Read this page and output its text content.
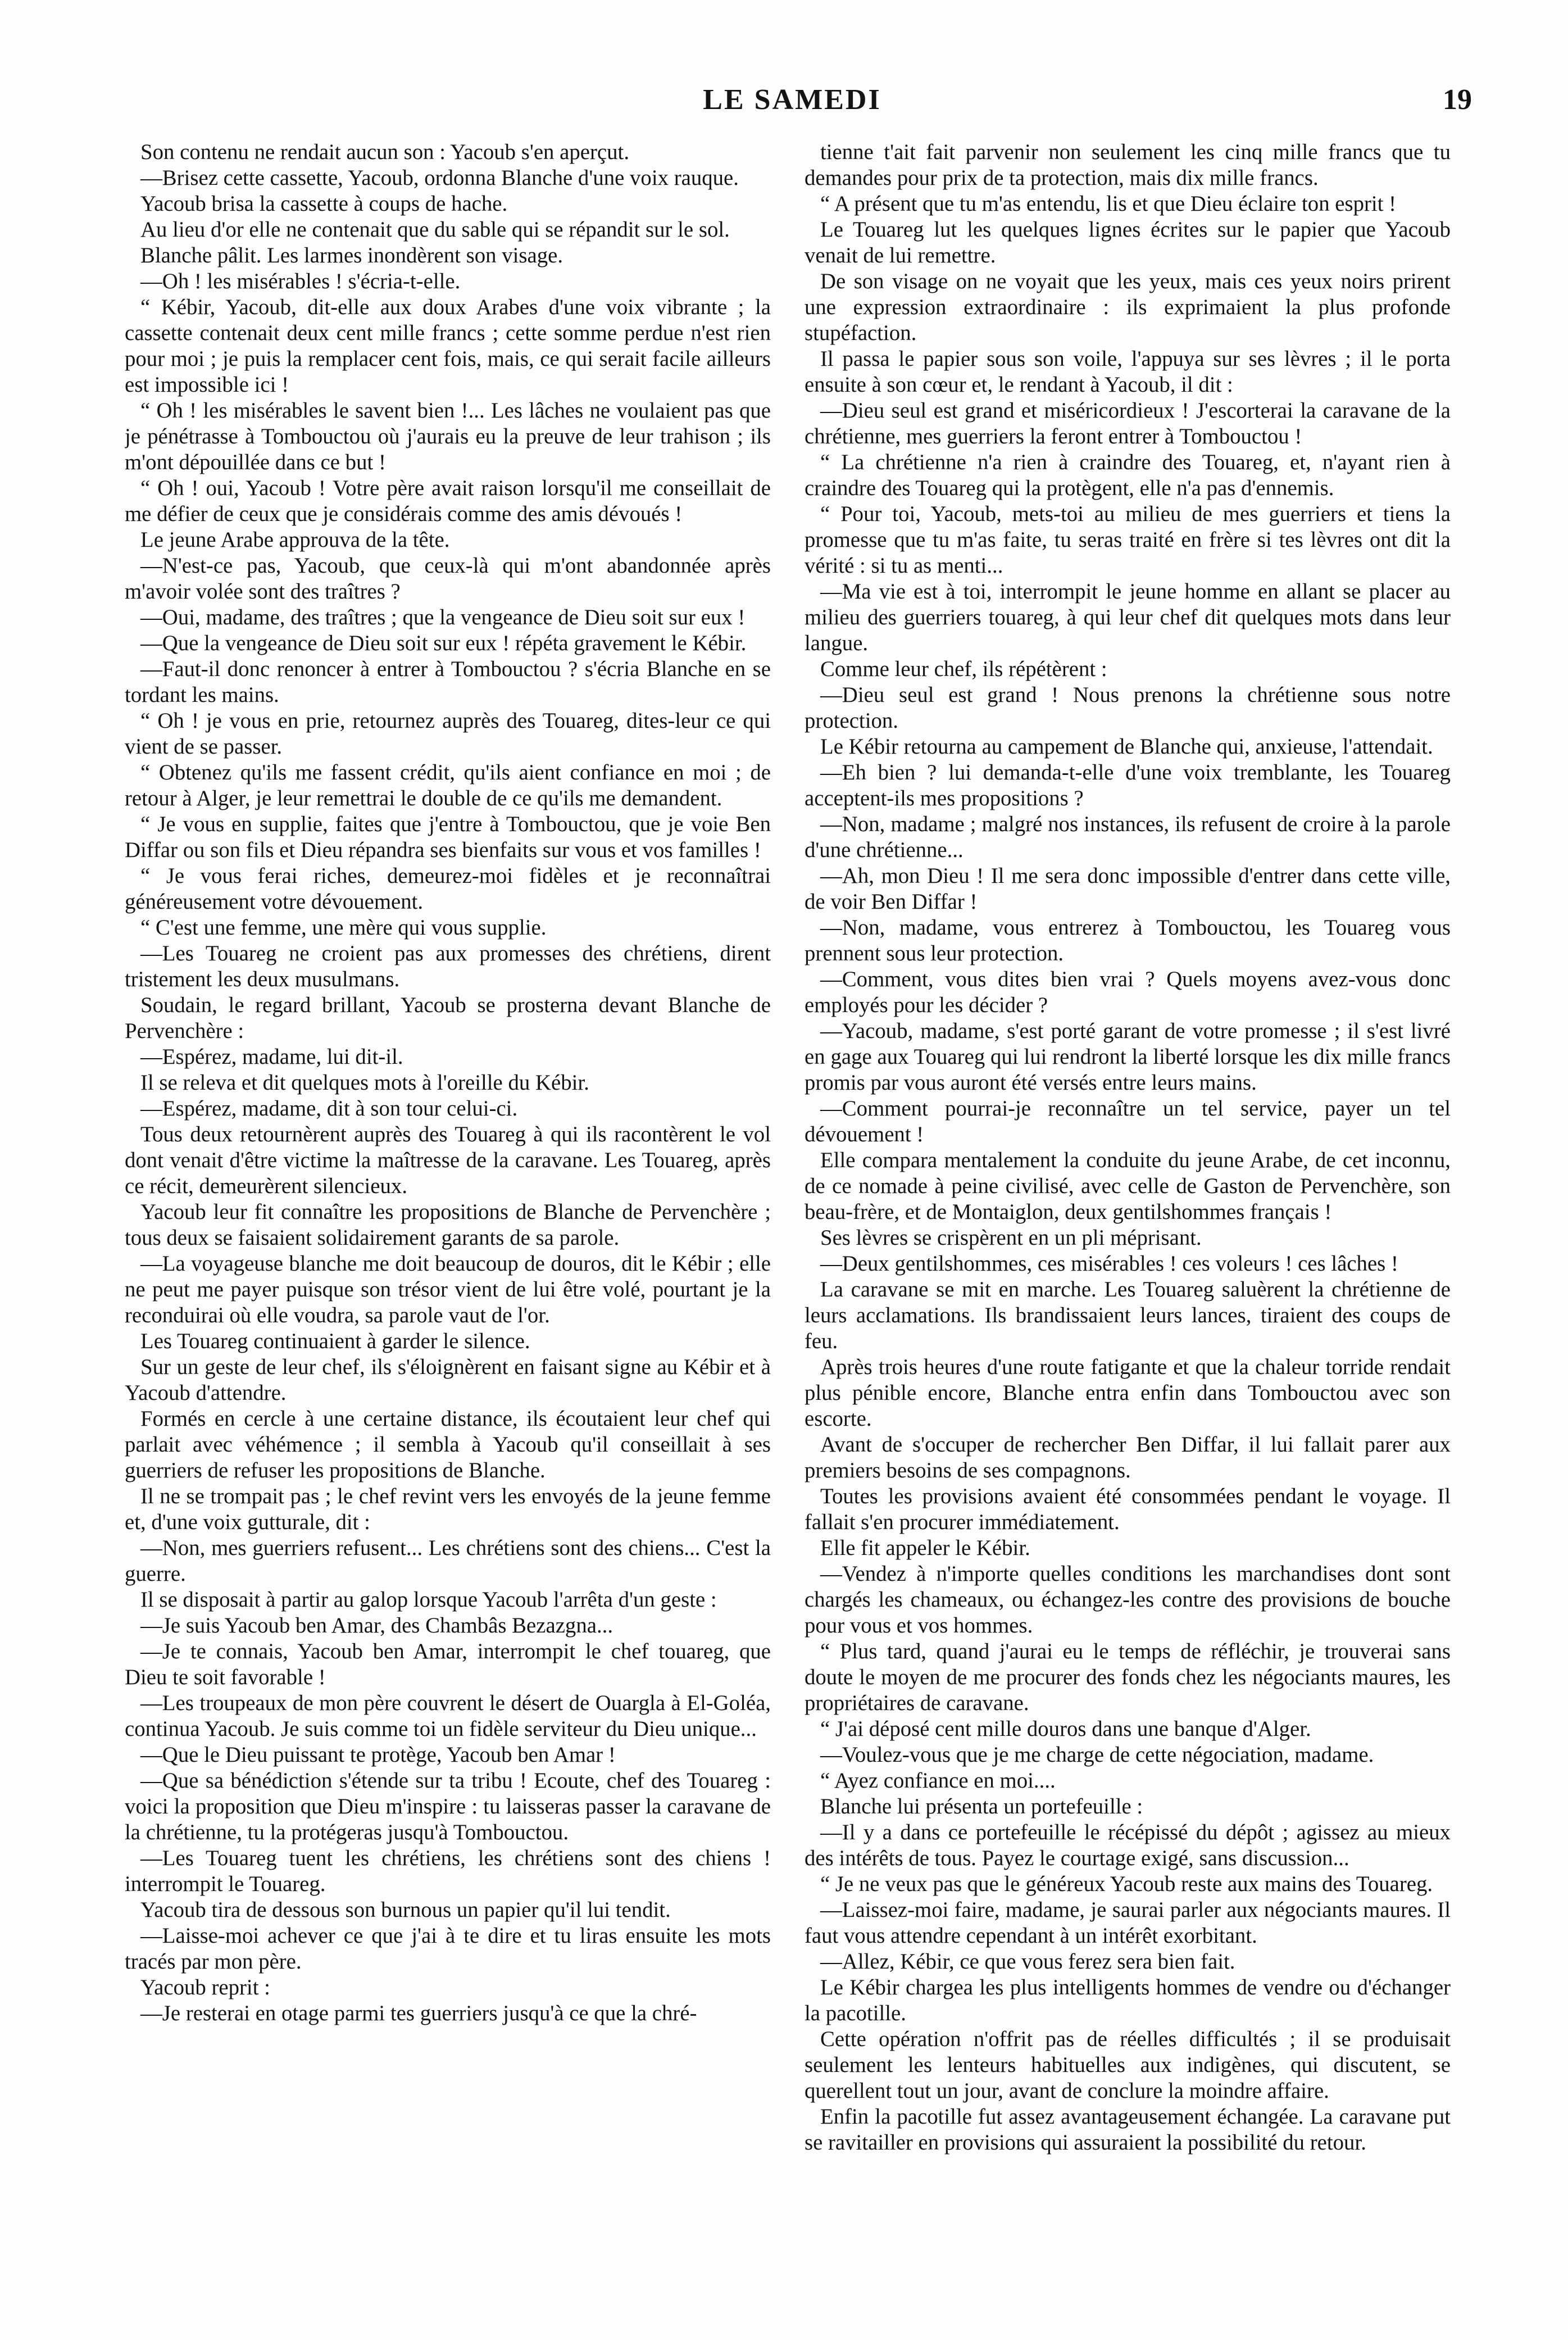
LE SAMEDI	19

Son contenu ne rendait aucun son : Yacoub s'en aperçut.

—Brisez cette cassette, Yacoub, ordonna Blanche d'une voix rauque.

Yacoub brisa la cassette à coups de hache.

Au lieu d'or elle ne contenait que du sable qui se répandit sur le sol.

Blanche pâlit. Les larmes inondèrent son visage.

—Oh ! les misérables ! s'écria-t-elle.

“ Kébir, Yacoub, dit-elle aux doux Arabes d'une voix vibrante ; la cassette contenait deux cent mille francs ; cette somme perdue n'est rien pour moi ; je puis la remplacer cent fois, mais, ce qui serait facile ailleurs est impossible ici !

“ Oh ! les misérables le savent bien !... Les lâches ne voulaient pas que je pénétrasse à Tombouctou où j'aurais eu la preuve de leur trahison ; ils m'ont dépouillée dans ce but !

“ Oh ! oui, Yacoub ! Votre père avait raison lorsqu'il me conseillait de me défier de ceux que je considérais comme des amis dévoués !

Le jeune Arabe approuva de la tête.

—N'est-ce pas, Yacoub, que ceux-là qui m'ont abandonnée après m'avoir volée sont des traîtres ?

—Oui, madame, des traîtres ; que la vengeance de Dieu soit sur eux !

—Que la vengeance de Dieu soit sur eux ! répéta gravement le Kébir.

—Faut-il donc renoncer à entrer à Tombouctou ? s'écria Blanche en se tordant les mains.

“ Oh ! je vous en prie, retournez auprès des Touareg, dites-leur ce qui vient de se passer.

“ Obtenez qu'ils me fassent crédit, qu'ils aient confiance en moi ; de retour à Alger, je leur remettrai le double de ce qu'ils me demandent.

“ Je vous en supplie, faites que j'entre à Tombouctou, que je voie Ben Diffar ou son fils et Dieu répandra ses bienfaits sur vous et vos familles !

“ Je vous ferai riches, demeurez-moi fidèles et je reconnaîtrai généreusement votre dévouement.

“ C'est une femme, une mère qui vous supplie.

—Les Touareg ne croient pas aux promesses des chrétiens, dirent tristement les deux musulmans.

Soudain, le regard brillant, Yacoub se prosterna devant Blanche de Pervenchère :

—Espérez, madame, lui dit-il.

Il se releva et dit quelques mots à l'oreille du Kébir.

—Espérez, madame, dit à son tour celui-ci.

Tous deux retournèrent auprès des Touareg à qui ils racontèrent le vol dont venait d'être victime la maîtresse de la caravane. Les Touareg, après ce récit, demeurèrent silencieux.

Yacoub leur fit connaître les propositions de Blanche de Pervenchère ; tous deux se faisaient solidairement garants de sa parole.

—La voyageuse blanche me doit beaucoup de douros, dit le Kébir ; elle ne peut me payer puisque son trésor vient de lui être volé, pourtant je la reconduirai où elle voudra, sa parole vaut de l'or.

Les Touareg continuaient à garder le silence.

Sur un geste de leur chef, ils s'éloignèrent en faisant signe au Kébir et à Yacoub d'attendre.

Formés en cercle à une certaine distance, ils écoutaient leur chef qui parlait avec véhémence ; il sembla à Yacoub qu'il conseillait à ses guerriers de refuser les propositions de Blanche.

Il ne se trompait pas ; le chef revint vers les envoyés de la jeune femme et, d'une voix gutturale, dit :

—Non, mes guerriers refusent... Les chrétiens sont des chiens... C'est la guerre.

Il se disposait à partir au galop lorsque Yacoub l'arrêta d'un geste :

—Je suis Yacoub ben Amar, des Chambâs Bezazgna...

—Je te connais, Yacoub ben Amar, interrompit le chef touareg, que Dieu te soit favorable !

—Les troupeaux de mon père couvrent le désert de Ouargla à El-Goléa, continua Yacoub. Je suis comme toi un fidèle serviteur du Dieu unique...

—Que le Dieu puissant te protège, Yacoub ben Amar !

—Que sa bénédiction s'étende sur ta tribu ! Ecoute, chef des Touareg : voici la proposition que Dieu m'inspire : tu laisseras passer la caravane de la chrétienne, tu la protégeras jusqu'à Tombouctou.

—Les Touareg tuent les chrétiens, les chrétiens sont des chiens ! interrompit le Touareg.

Yacoub tira de dessous son burnous un papier qu'il lui tendit.

—Laisse-moi achever ce que j'ai à te dire et tu liras ensuite les mots tracés par mon père.

Yacoub reprit :

—Je resterai en otage parmi tes guerriers jusqu'à ce que la chré-

tienne t'ait fait parvenir non seulement les cinq mille francs que tu demandes pour prix de ta protection, mais dix mille francs.

“ A présent que tu m'as entendu, lis et que Dieu éclaire ton esprit !

Le Touareg lut les quelques lignes écrites sur le papier que Yacoub venait de lui remettre.

De son visage on ne voyait que les yeux, mais ces yeux noirs prirent une expression extraordinaire : ils exprimaient la plus profonde stupéfaction.

Il passa le papier sous son voile, l'appuya sur ses lèvres ; il le porta ensuite à son cœur et, le rendant à Yacoub, il dit :

—Dieu seul est grand et miséricordieux ! J'escorterai la caravane de la chrétienne, mes guerriers la feront entrer à Tombouctou !

“ La chrétienne n'a rien à craindre des Touareg, et, n'ayant rien à craindre des Touareg qui la protègent, elle n'a pas d'ennemis.

“ Pour toi, Yacoub, mets-toi au milieu de mes guerriers et tiens la promesse que tu m'as faite, tu seras traité en frère si tes lèvres ont dit la vérité : si tu as menti...

—Ma vie est à toi, interrompit le jeune homme en allant se placer au milieu des guerriers touareg, à qui leur chef dit quelques mots dans leur langue.

Comme leur chef, ils répétèrent :

—Dieu seul est grand ! Nous prenons la chrétienne sous notre protection.

Le Kébir retourna au campement de Blanche qui, anxieuse, l'attendait.

—Eh bien ? lui demanda-t-elle d'une voix tremblante, les Touareg acceptent-ils mes propositions ?

—Non, madame ; malgré nos instances, ils refusent de croire à la parole d'une chrétienne...

—Ah, mon Dieu ! Il me sera donc impossible d'entrer dans cette ville, de voir Ben Diffar !

—Non, madame, vous entrerez à Tombouctou, les Touareg vous prennent sous leur protection.

—Comment, vous dites bien vrai ? Quels moyens avez-vous donc employés pour les décider ?

—Yacoub, madame, s'est porté garant de votre promesse ; il s'est livré en gage aux Touareg qui lui rendront la liberté lorsque les dix mille francs promis par vous auront été versés entre leurs mains.

—Comment pourrai-je reconnaître un tel service, payer un tel dévouement !

Elle compara mentalement la conduite du jeune Arabe, de cet inconnu, de ce nomade à peine civilisé, avec celle de Gaston de Pervenchère, son beau-frère, et de Montaiglon, deux gentilshommes français !

Ses lèvres se crispèrent en un pli méprisant.

—Deux gentilshommes, ces misérables ! ces voleurs ! ces lâches !

La caravane se mit en marche. Les Touareg saluèrent la chrétienne de leurs acclamations. Ils brandissaient leurs lances, tiraient des coups de feu.

Après trois heures d'une route fatigante et que la chaleur torride rendait plus pénible encore, Blanche entra enfin dans Tombouctou avec son escorte.

Avant de s'occuper de rechercher Ben Diffar, il lui fallait parer aux premiers besoins de ses compagnons.

Toutes les provisions avaient été consommées pendant le voyage. Il fallait s'en procurer immédiatement.

Elle fit appeler le Kébir.

—Vendez à n'importe quelles conditions les marchandises dont sont chargés les chameaux, ou échangez-les contre des provisions de bouche pour vous et vos hommes.

“ Plus tard, quand j'aurai eu le temps de réfléchir, je trouverai sans doute le moyen de me procurer des fonds chez les négociants maures, les propriétaires de caravane.

“ J'ai déposé cent mille douros dans une banque d'Alger.

—Voulez-vous que je me charge de cette négociation, madame.

“ Ayez confiance en moi....

Blanche lui présenta un portefeuille :

—Il y a dans ce portefeuille le récépissé du dépôt ; agissez au mieux des intérêts de tous. Payez le courtage exigé, sans discussion...

“ Je ne veux pas que le généreux Yacoub reste aux mains des Touareg.

—Laissez-moi faire, madame, je saurai parler aux négociants maures. Il faut vous attendre cependant à un intérêt exorbitant.

—Allez, Kébir, ce que vous ferez sera bien fait.

Le Kébir chargea les plus intelligents hommes de vendre ou d'échanger la pacotille.

Cette opération n'offrit pas de réelles difficultés ; il se produisait seulement les lenteurs habituelles aux indigènes, qui discutent, se querellent tout un jour, avant de conclure la moindre affaire.

Enfin la pacotille fut assez avantageusement échangée. La caravane put se ravitailler en provisions qui assuraient la possibilité du retour.
